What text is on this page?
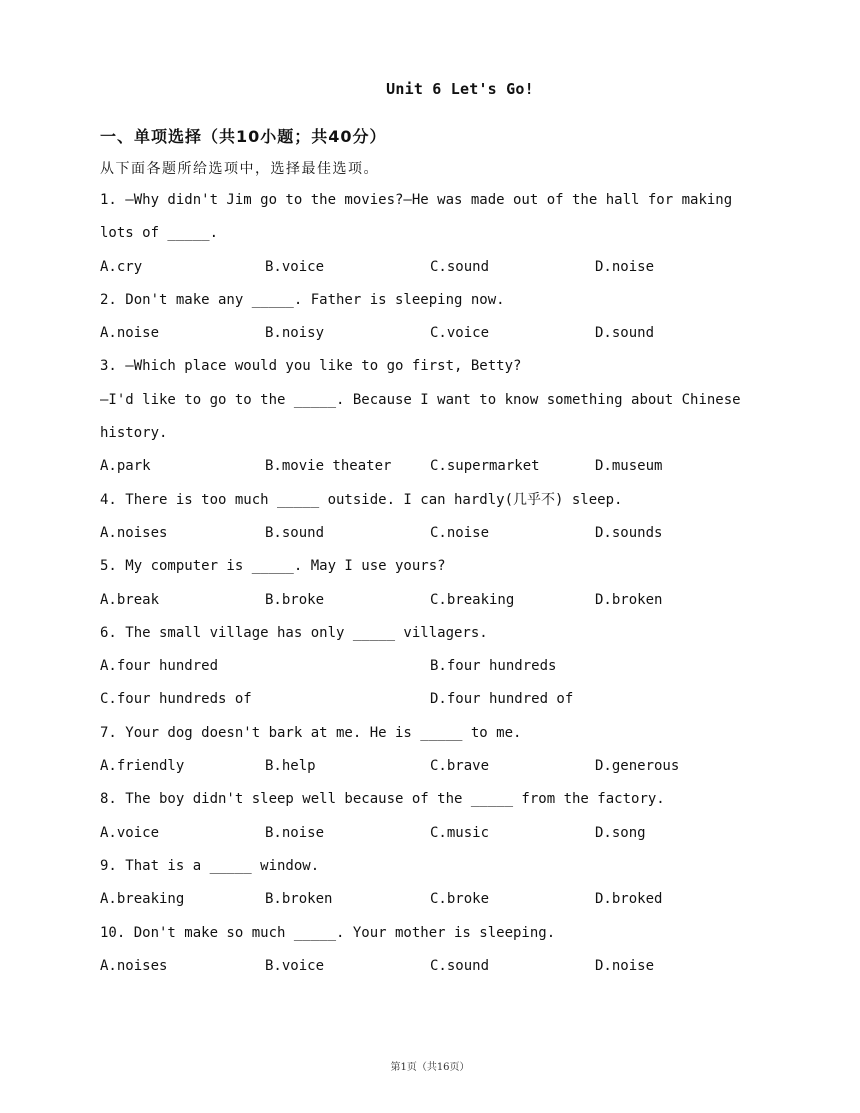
Unit 6 Let's Go!
一、单项选择（共10小题；共40分）
从下面各题所给选项中，选择最佳选项。
1. —Why didn't Jim go to the movies?—He was made out of the hall for making
lots of _____.
A.cry	B.voice	C.sound	D.noise
2. Don't make any _____. Father is sleeping now.
A.noise	B.noisy	C.voice	D.sound
3. —Which place would you like to go first, Betty?
—I'd like to go to the _____. Because I want to know something about Chinese
history.
A.park	B.movie theater	C.supermarket	D.museum
4. There is too much _____ outside. I can hardly(几乎不) sleep.
A.noises	B.sound	C.noise	D.sounds
5. My computer is _____. May I use yours?
A.break	B.broke	C.breaking	D.broken
6. The small village has only _____ villagers.
A.four hundred	B.four hundreds
C.four hundreds of	D.four hundred of
7. Your dog doesn't bark at me. He is _____ to me.
A.friendly	B.help	C.brave	D.generous
8. The boy didn't sleep well because of the _____ from the factory.
A.voice	B.noise	C.music	D.song
9. That is a _____ window.
A.breaking	B.broken	C.broke	D.broked
10. Don't make so much _____. Your mother is sleeping.
A.noises	B.voice	C.sound	D.noise
第1页（共16页）
